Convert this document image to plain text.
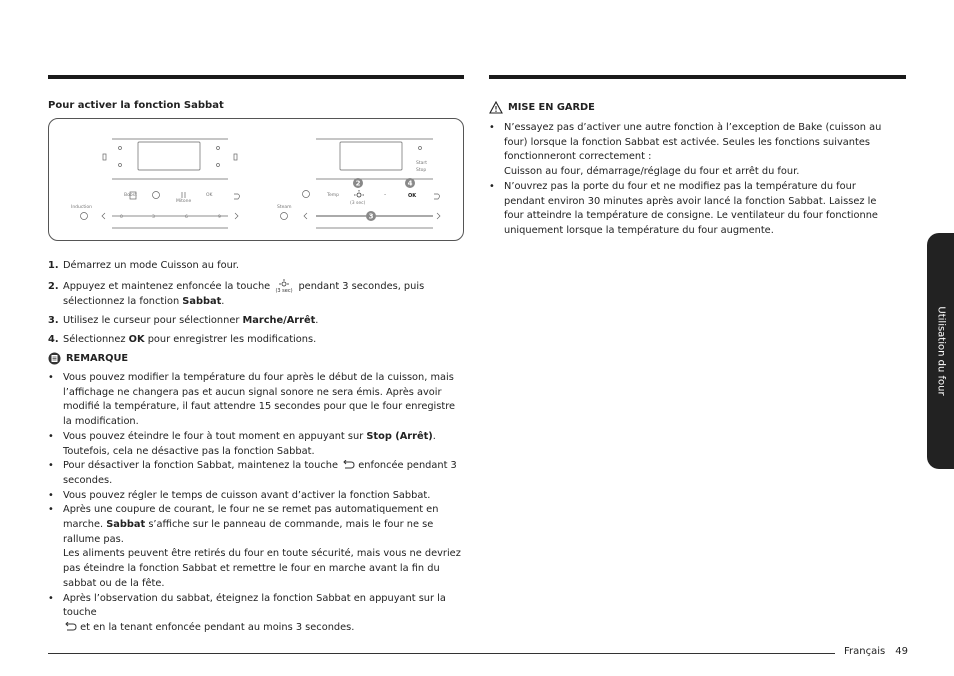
Pour activer la fonction Sabbat
Boost	OK
Induction
Mitone
0	3	6	9
Temp
Steam
Start
Stop
(3 sec)
OK
-
2	4
3
1. Démarrez un mode Cuisson au four.
2. Appuyez et maintenez enfoncée la touche (3 sec) pendant 3 secondes, puis sélectionnez la fonction Sabbat.
3. Utilisez le curseur pour sélectionner Marche/Arrêt.
4. Sélectionnez OK pour enregistrer les modifications.
REMARQUE
• Vous pouvez modifier la température du four après le début de la cuisson, mais l’affichage ne changera pas et aucun signal sonore ne sera émis. Après avoir modifié la température, il faut attendre 15 secondes pour que le four enregistre la modification.
• Vous pouvez éteindre le four à tout moment en appuyant sur Stop (Arrêt). Toutefois, cela ne désactive pas la fonction Sabbat.
• Pour désactiver la fonction Sabbat, maintenez la touche  enfoncée pendant 3 secondes.
• Vous pouvez régler le temps de cuisson avant d’activer la fonction Sabbat.
• Après une coupure de courant, le four ne se remet pas automatiquement en marche. Sabbat s’affiche sur le panneau de commande, mais le four ne se rallume pas.
Les aliments peuvent être retirés du four en toute sécurité, mais vous ne devriez pas éteindre la fonction Sabbat et remettre le four en marche avant la fin du sabbat ou de la fête.
• Après l’observation du sabbat, éteignez la fonction Sabbat en appuyant sur la touche
et en la tenant enfoncée pendant au moins 3 secondes.
MISE EN GARDE
• N’essayez pas d’activer une autre fonction à l’exception de Bake (cuisson au four) lorsque la fonction Sabbat est activée. Seules les fonctions suivantes fonctionneront correctement :
Cuisson au four, démarrage/réglage du four et arrêt du four.
• N’ouvrez pas la porte du four et ne modifiez pas la température du four pendant environ 30 minutes après avoir lancé la fonction Sabbat. Laissez le four atteindre la température de consigne. Le ventilateur du four fonctionne uniquement lorsque la température du four augmente.
Utilisation du four
Français 49
